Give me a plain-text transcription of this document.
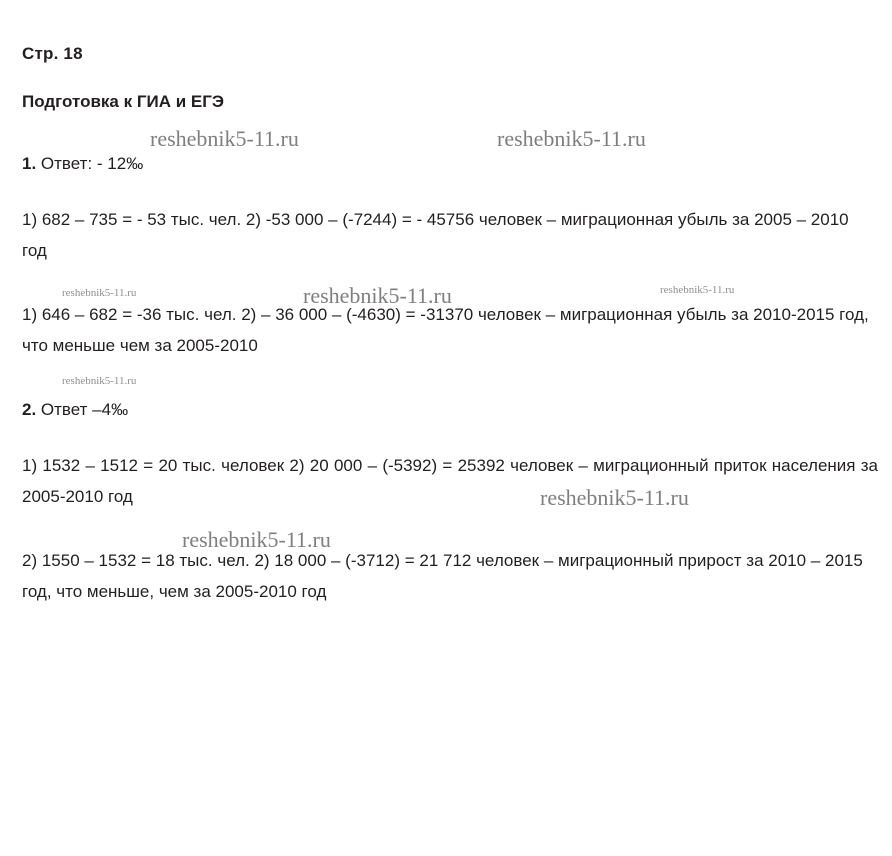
Стр. 18
Подготовка к ГИА и ЕГЭ
1. Ответ: - 12‰
1) 682 – 735 = - 53 тыс. чел. 2) -53 000 – (-7244) = - 45756 человек – миграционная убыль за 2005 – 2010 год
1) 646 – 682 = -36 тыс. чел. 2) – 36 000 – (-4630) = -31370 человек – миграционная убыль за 2010-2015 год, что меньше чем за 2005-2010
2. Ответ –4‰
1) 1532 – 1512 = 20 тыс. человек 2) 20 000 – (-5392) = 25392 человек – миграционный приток населения за 2005-2010 год
2) 1550 – 1532 = 18 тыс. чел. 2) 18 000 – (-3712) = 21 712 человек – миграционный прирост за 2010 – 2015 год, что меньше, чем за 2005-2010 год
reshebnik5-11.ru	reshebnik5-11.ru
reshebnik5-11.ru	reshebnik5-11.ru	reshebnik5-11.ru
reshebnik5-11.ru
reshebnik5-11.ru
reshebnik5-11.ru
